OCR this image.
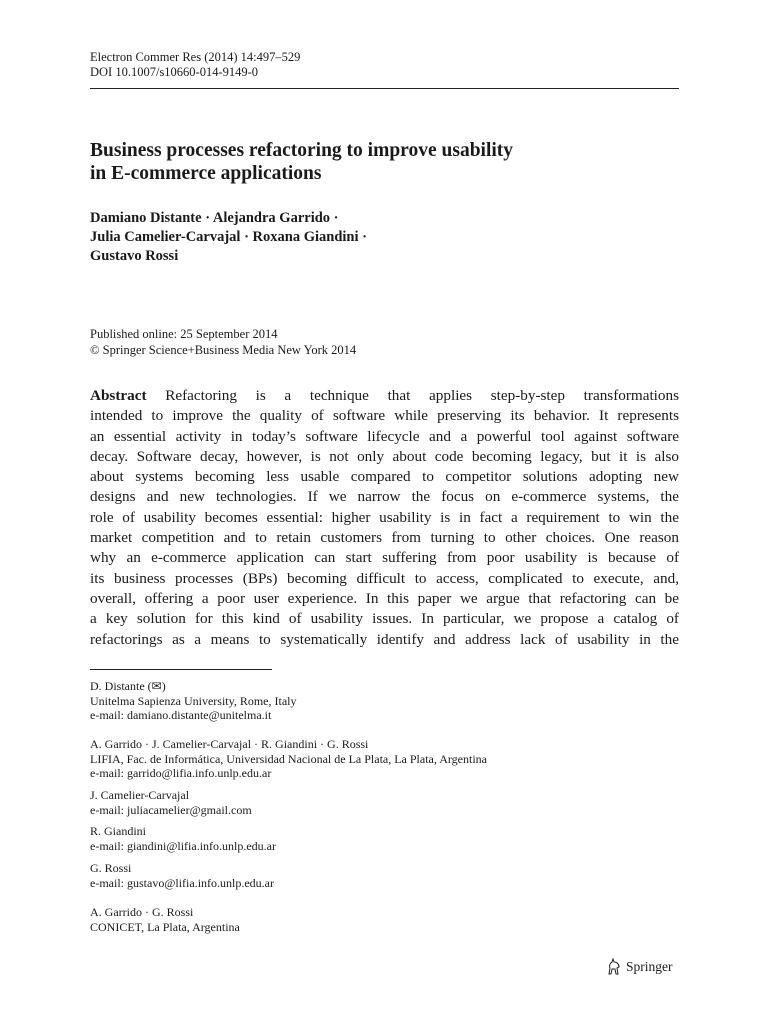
Electron Commer Res (2014) 14:497–529
DOI 10.1007/s10660-014-9149-0
Business processes refactoring to improve usability
in E-commerce applications
Damiano Distante · Alejandra Garrido ·
Julia Camelier-Carvajal · Roxana Giandini ·
Gustavo Rossi
Published online: 25 September 2014
© Springer Science+Business Media New York 2014
Abstract Refactoring is a technique that applies step-by-step transformations
intended to improve the quality of software while preserving its behavior. It represents
an essential activity in today’s software lifecycle and a powerful tool against software
decay. Software decay, however, is not only about code becoming legacy, but it is also
about systems becoming less usable compared to competitor solutions adopting new
designs and new technologies. If we narrow the focus on e-commerce systems, the
role of usability becomes essential: higher usability is in fact a requirement to win the
market competition and to retain customers from turning to other choices. One reason
why an e-commerce application can start suffering from poor usability is because of
its business processes (BPs) becoming difficult to access, complicated to execute, and,
overall, offering a poor user experience. In this paper we argue that refactoring can be
a key solution for this kind of usability issues. In particular, we propose a catalog of
refactorings as a means to systematically identify and address lack of usability in the
D. Distante (✉)
Unitelma Sapienza University, Rome, Italy
e-mail: damiano.distante@unitelma.it
A. Garrido · J. Camelier-Carvajal · R. Giandini · G. Rossi
LIFIA, Fac. de Informática, Universidad Nacional de La Plata, La Plata, Argentina
e-mail: garrido@lifia.info.unlp.edu.ar
J. Camelier-Carvajal
e-mail: juliacamelier@gmail.com
R. Giandini
e-mail: giandini@lifia.info.unlp.edu.ar
G. Rossi
e-mail: gustavo@lifia.info.unlp.edu.ar
A. Garrido · G. Rossi
CONICET, La Plata, Argentina
Springer
